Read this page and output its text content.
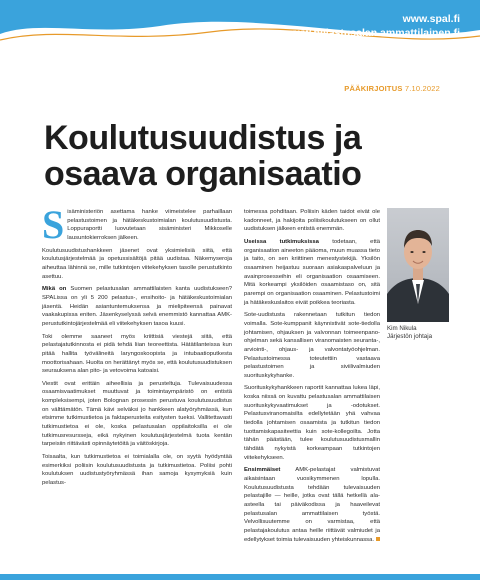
www.spal.fi
www.pelastusalan.ammattilainen.fi
PÄÄKIRJOITUS 7.10.2022
Koulutusuudistus ja
osaava organisaatio

Sisäministeriön asettama hanke viimeistelee parhaillaan pelastustoimen ja hätäkeskustoimialan koulutusuudistusta. Loppuraportti luovutetaan sisäministeri Mikkoselle lausuntokierroksen jälkeen.

Koulutusuudistushankkeen jäsenet ovat yksimielisiä siitä, että koulutusjärjestelmää ja opetussisältöjä pitää uudistaa. Näkemyseroja aiheuttaa lähinnä se, mille tutkintojen viitekehyksen tasolle perustutkinto asettuu.

Mikä on Suomen pelastusalan ammattilaisten kanta uudistukseen? SPALissa on yli 5 200 pelastus-, ensihoito- ja hätäkeskustoimialan jäsentä. Heidän asiantuntemuksensa ja mielipiteensä painavat vaakakupissa eniten. Jäsenkyselyssä selvä enemmistö kannattaa AMK-perustutkintojärjestelmää eli viitekehyksen tasoa kuusi.

Toki olemme saaneet myös kriittisiä viestejä siitä, että pelastajatutkinnosta ei pidä tehdä liian teoreettista. Hätätilanteissa kun pitää hallita työvälineitä laryngoskoopista ja intubaatioputkesta moottorisahaan. Huolta on herättänyt myös se, että koulutusuudistuksen seurauksena alan pito- ja vetovoima katoaisi.

Viestit ovat erittäin aiheellisia ja perusteltuja. Tulevaisuudessa osaamisvaatimukset muuttuvat ja toimintaympäristö on entistä kompleksisempi, joten Bolognan prosessin perustuva koulutusuudistus on välttämätön. Tämä kävi selväksi jo hankkeen alatyöryhmässä, kun etsimme tutkimustietoa ja faktaperusteita esitysten tueksi. Vallitettavasti tutkimustietoa ei ole, koska pelastusalan oppilaitoksilla ei ole tutkimusresursseja, eikä nykyinen koulutusjärjestelmä tuota kentän tarpeisiin riittävästi opinnäytetöitä ja väitöskirjoja.

Toisaalta, kun tutkimustietoa ei toimialalla ole, on syytä hyödyntää esimerkiksi poliisin koulutusuudistusta ja tutkimustietoa. Poliisi pohti koulutuksen uudistustyöryhmässä ihan samoja kysymyksiä kuin pelastus-

toimessa pohditaan. Poliisin käden taidot eivät ole kadonneet, ja hakijoita poliisikoulutukseen on ollut uudistuksen jälkeen entistä enemmän.

Useissa tutkimuksissa todetaan, että organisaation aineeton pääoma, muun muassa tieto ja taito, on sen kriittinen menestystekijä. Yksilön osaaminen heijastuu suoraan asiakaspalveluun ja avainprosesseihin eli organisaation osaamiseen. Mitä korkeampi yksilöiden osaamistaso on, sitä parempi on organisaation osaaminen. Pelastustoimi ja hätäkeskuslaitos eivät poikkea teoriasta.

Sote-uudistusta rakennetaan tutkitun tiedon voimalla. Sote-kumppanit käynnistivät sote-tiedolla johtamisen, ohjauksen ja valvonnan toimeenpano-ohjelman sekä kansallisen viranomaisten seuranta-, arviointi-, ohjaus- ja valvontatyöohjelman. Pelastustoimessa toteutettiin vastaava pelastustoimen ja siviilivalmiuden suorituskykyhanke.

Suorituskykyhankkeen raportit kannattaa lukea läpi, koska niissä on kuvattu pelastusalan ammattilaisen suorituskykyvaatimukset ja -odotukset. Pelastusviranomaisilta edellytetään yhä vahvaa tiedolla johtamisen osaamista ja tutkitun tiedon tuottamiskapasiteettia kuin sote-kollegoilta. Jotta tähän päästään, tulee koulutusuudistusmallin tähdätä nykyistä korkeampaan tutkintojen viitekehykseen.

Ensimmäiset AMK-pelastajat valmistuvat aikaisintaan vuosikymmenen lopulla. Koulutusuudistusta tehdään tulevaisuuden pelastajille — heille, jotka ovat tällä hetkellä ala-asteella tai päiväkodissa ja haaveilevat pelastusalan ammattilaisen työstä. Velvollisuutemme on varmistaa, että pelastajakoulutus antaa heille riittävät valmiudet ja edellytykset toimia tulevaisuuden yhteiskunnassa.

Kim Nikula
Järjestön johtaja
